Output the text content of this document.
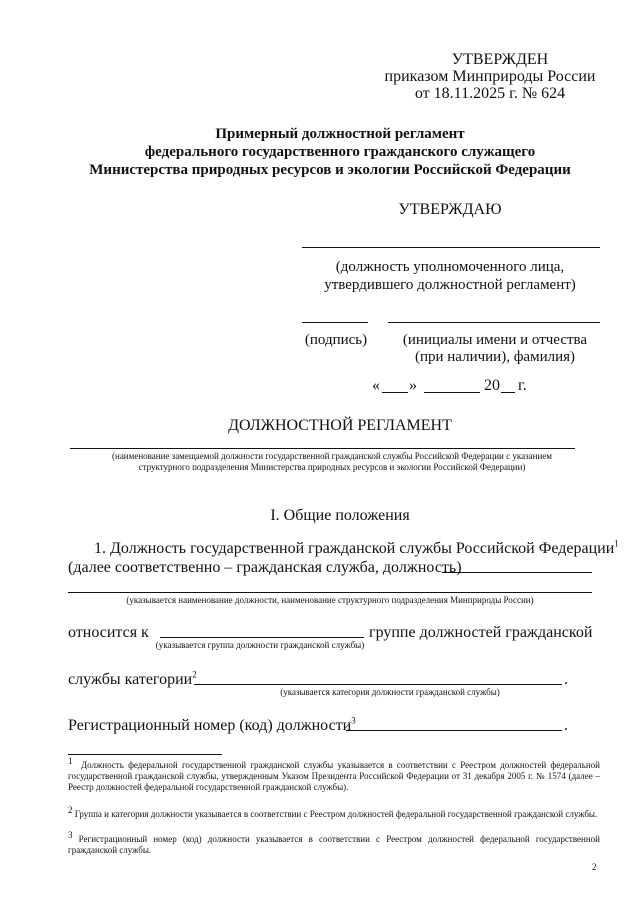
УТВЕРЖДЕН
приказом Минприроды России
от 18.11.2025 г. № 624
Примерный должностной регламент
федерального государственного гражданского служащего
Министерства природных ресурсов и экологии Российской Федерации
УТВЕРЖДАЮ
(должность уполномоченного лица,
утвердившего должностной регламент)
(подпись)	(инициалы имени и отчества
(при наличии), фамилия)
« »	20 г.
ДОЛЖНОСТНОЙ РЕГЛАМЕНТ
(наименование замещаемой должности государственной гражданской службы Российской Федерации с указанием
структурного подразделения Министерства природных ресурсов и экологии Российской Федерации)
I. Общие положения
1. Должность государственной гражданской службы Российской Федерации$^1$
(далее соответственно – гражданская служба, должность)
(указывается наименование должности, наименование структурного подразделения Минприроды России)
относится к	группе должностей гражданской
(указывается группа должности гражданской службы)
службы категории$^2$	.
(указывается категория должности гражданской службы)
Регистрационный номер (код) должности$^3$	.
$^1$ Должность федеральной государственной гражданской службы указывается в соответствии с Реестром должностей федеральной государственной гражданской службы, утвержденным Указом Президента Российской Федерации от 31 декабря 2005 г. № 1574 (далее – Реестр должностей федеральной государственной гражданской службы).
$^2$ Группа и категория должности указывается в соответствии с Реестром должностей федеральной государственной гражданской службы.
$^3$ Регистрационный номер (код) должности указывается в соответствии с Реестром должностей федеральной государственной гражданской службы.
2
